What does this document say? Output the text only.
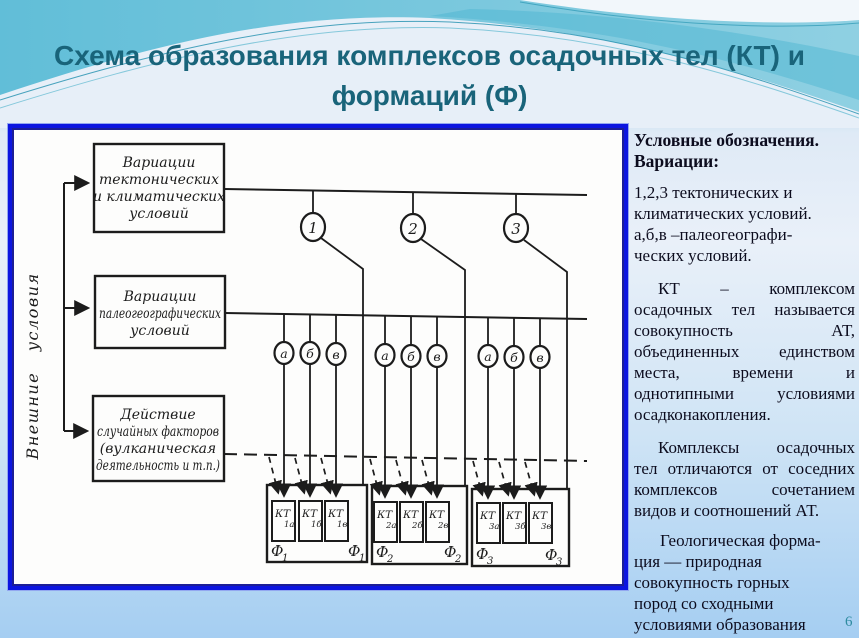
Схема образования комплексов осадочных тел (КТ) и
формаций (Ф)
Внешние условия
Вариации
тектонических
и климатических
условий
Вариации
палеогеографических
условий
Действие
случайных факторов
(вулканическая
деятельность и т.п.)
1	2	3
а б в	а б в	а б в
КТ
1а
КТ
1б
КТ
1в
КТ
2а
КТ
2б
КТ
2в
КТ
3а
КТ
3б
КТ
3в
Ф
1	Ф
1 Ф
2	Ф
2 Ф
3	Ф
3
Условные обозначения.
Вариации:
1,2,3 тектонических и
климатических условий.
а,б,в –палеогеографи-
ческих условий.
КТ – комплексом
осадочных тел называется
совокупность АТ,
объединенных единством
места, времени и
однотипными условиями
осадконакопления.
Комплексы осадочных
тел отличаются от соседних
комплексов сочетанием
видов и соотношений АТ.
Геологическая форма-
ция — природная
совокупность горных
пород со сходными
условиями образования	6
